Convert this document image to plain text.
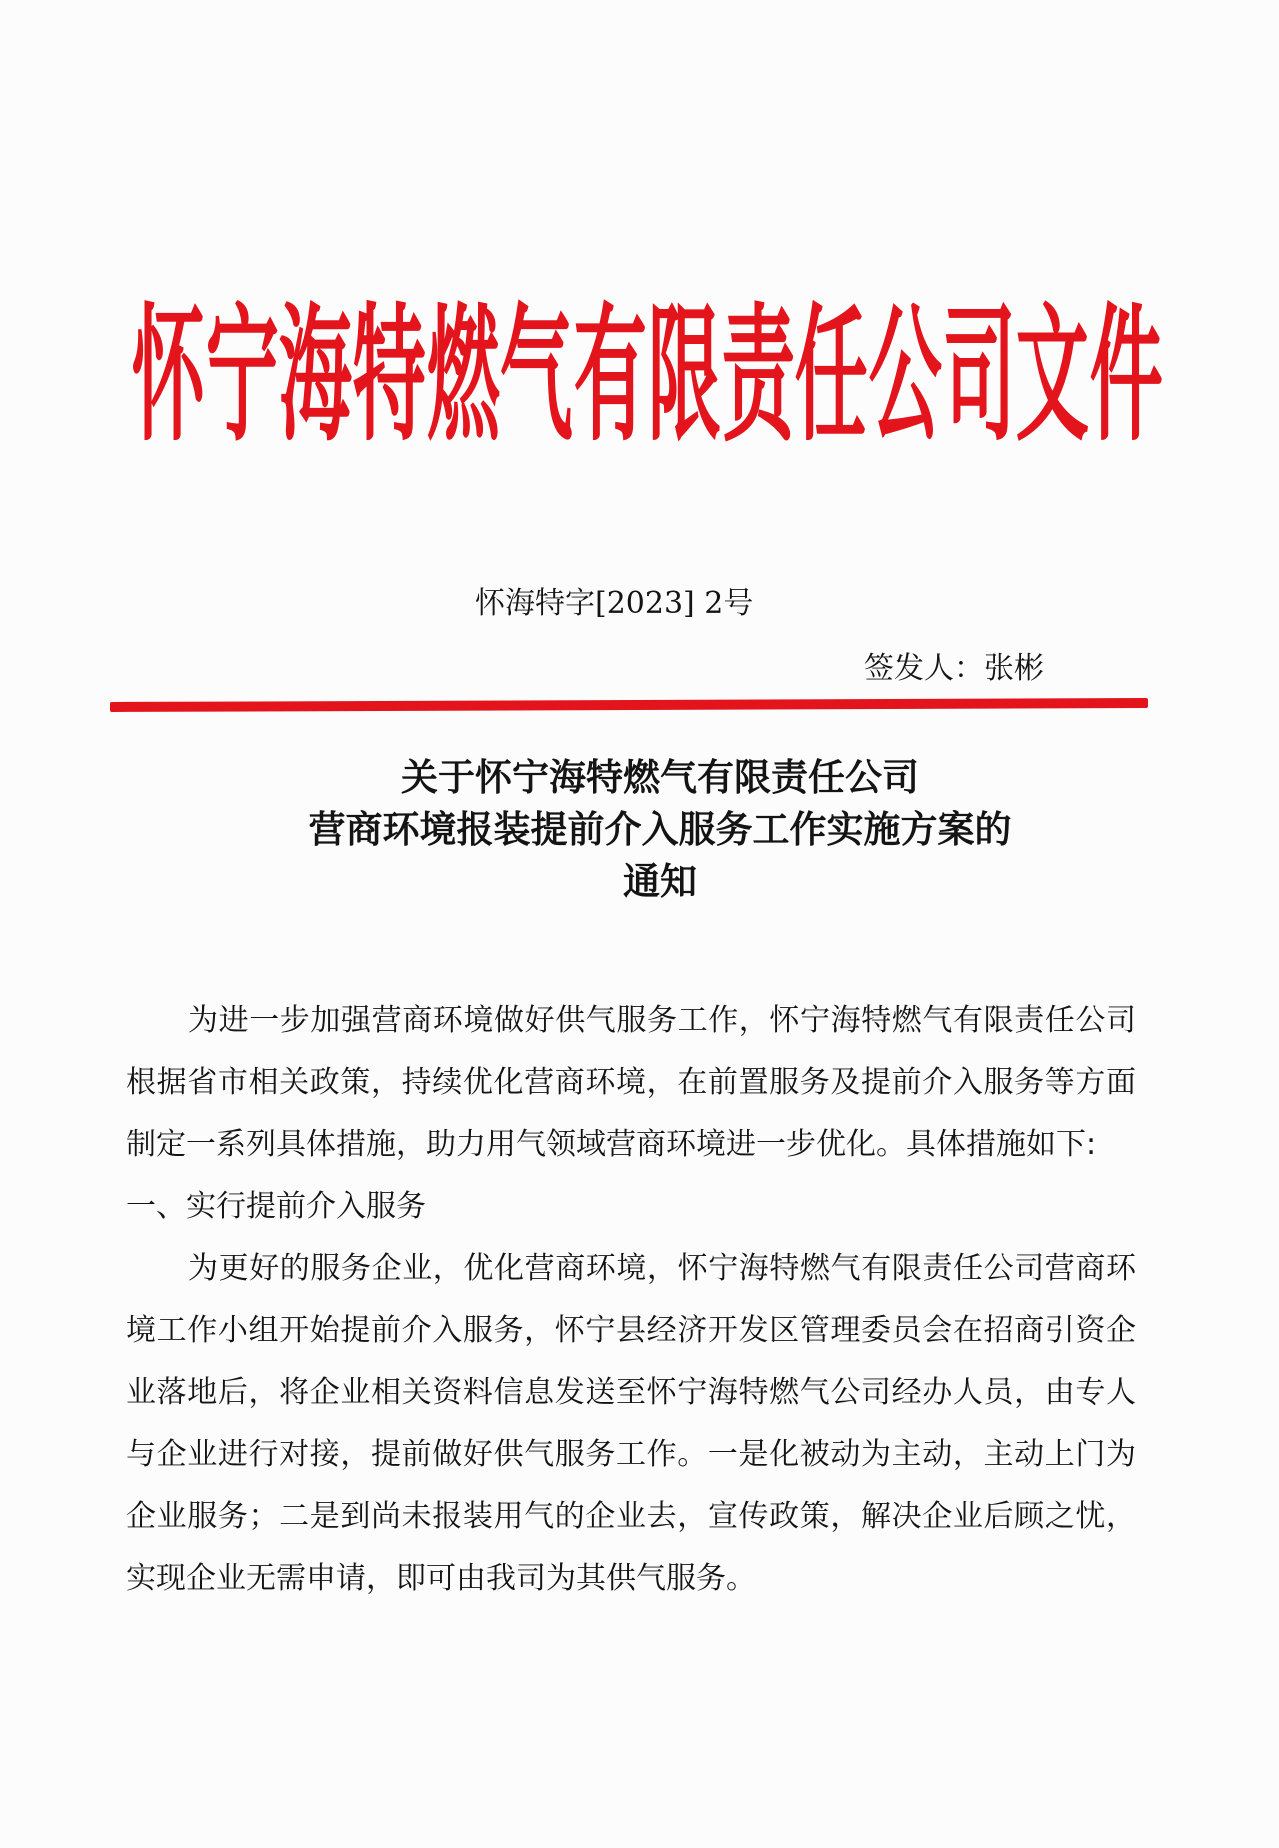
怀 宁 海 特 燃 气 有 限 责 任 公 司 文 件
怀海特字[2023] 2号
签发人：张彬
关于怀宁海特燃气有限责任公司
营商环境报装提前介入服务工作实施方案的
通知

为进一步加强营商环境做好供气服务工作，怀宁海特燃气有限责任公司根据省市相关政策，持续优化营商环境，在前置服务及提前介入服务等方面制定一系列具体措施，助力用气领域营商环境进一步优化。具体措施如下:

一、实行提前介入服务

为更好的服务企业，优化营商环境，怀宁海特燃气有限责任公司营商环境工作小组开始提前介入服务，怀宁县经济开发区管理委员会在招商引资企业落地后，将企业相关资料信息发送至怀宁海特燃气公司经办人员，由专人与企业进行对接，提前做好供气服务工作。一是化被动为主动，主动上门为企业服务；二是到尚未报装用气的企业去，宣传政策，解决企业后顾之忧，实现企业无需申请，即可由我司为其供气服务。
